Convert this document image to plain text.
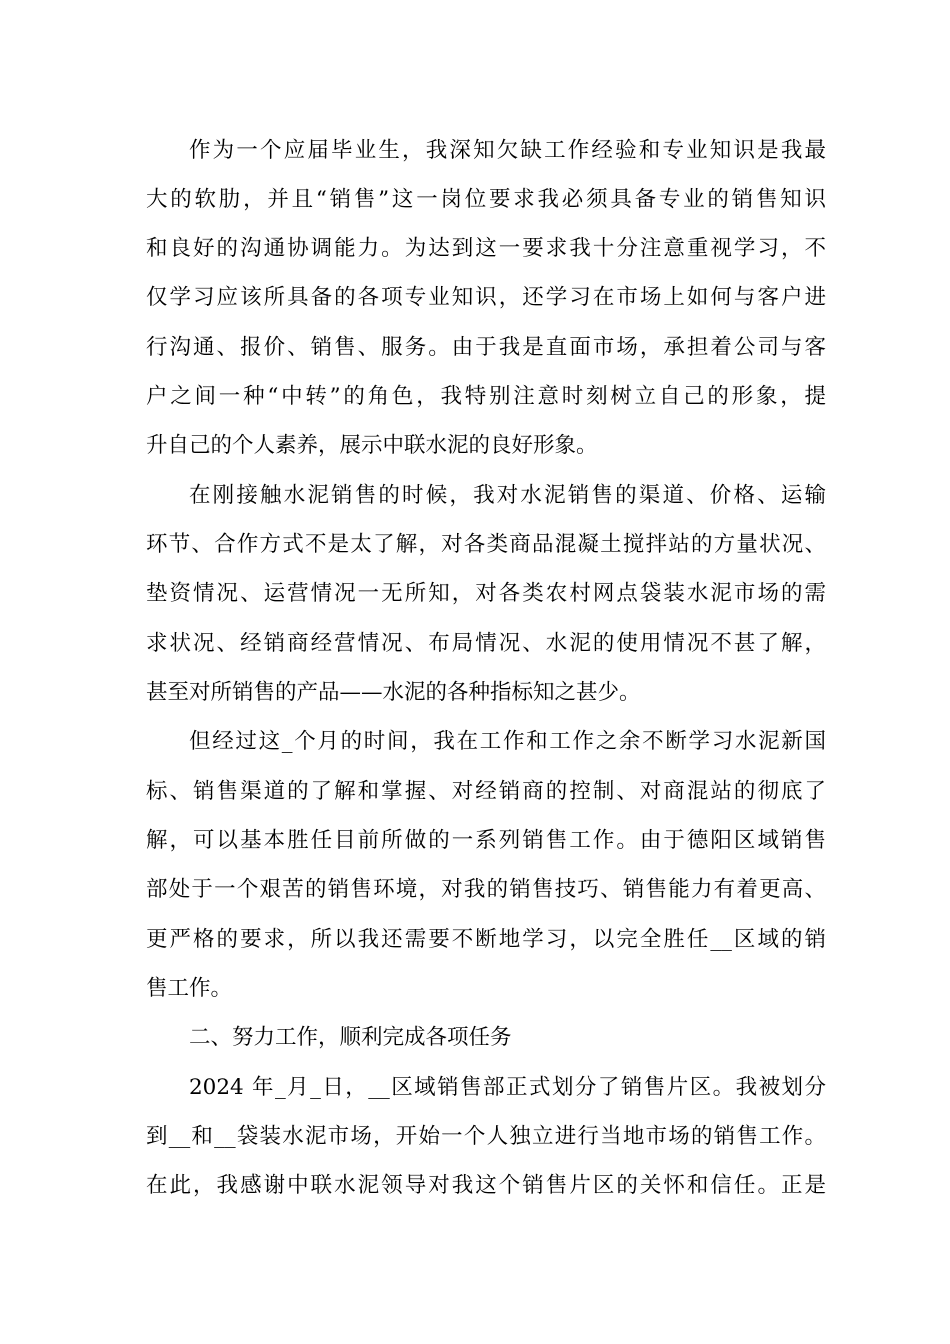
作为一个应届毕业生，我深知欠缺工作经验和专业知识是我最
大的软肋，并且“销售”这一岗位要求我必须具备专业的销售知识
和良好的沟通协调能力。为达到这一要求我十分注意重视学习，不
仅学习应该所具备的各项专业知识，还学习在市场上如何与客户进
行沟通、报价、销售、服务。由于我是直面市场，承担着公司与客
户之间一种“中转”的角色，我特别注意时刻树立自己的形象，提
升自己的个人素养，展示中联水泥的良好形象。
在刚接触水泥销售的时候，我对水泥销售的渠道、价格、运输
环节、合作方式不是太了解，对各类商品混凝土搅拌站的方量状况、
垫资情况、运营情况一无所知，对各类农村网点袋装水泥市场的需
求状况、经销商经营情况、布局情况、水泥的使用情况不甚了解，
甚至对所销售的产品——水泥的各种指标知之甚少。
但经过这_个月的时间，我在工作和工作之余不断学习水泥新国
标、销售渠道的了解和掌握、对经销商的控制、对商混站的彻底了
解，可以基本胜任目前所做的一系列销售工作。由于德阳区域销售
部处于一个艰苦的销售环境，对我的销售技巧、销售能力有着更高、
更严格的要求，所以我还需要不断地学习，以完全胜任__区域的销
售工作。
二、努力工作，顺利完成各项任务
2024 年_月_日，__区域销售部正式划分了销售片区。我被划分
到__和__袋装水泥市场，开始一个人独立进行当地市场的销售工作。
在此，我感谢中联水泥领导对我这个销售片区的关怀和信任。正是
